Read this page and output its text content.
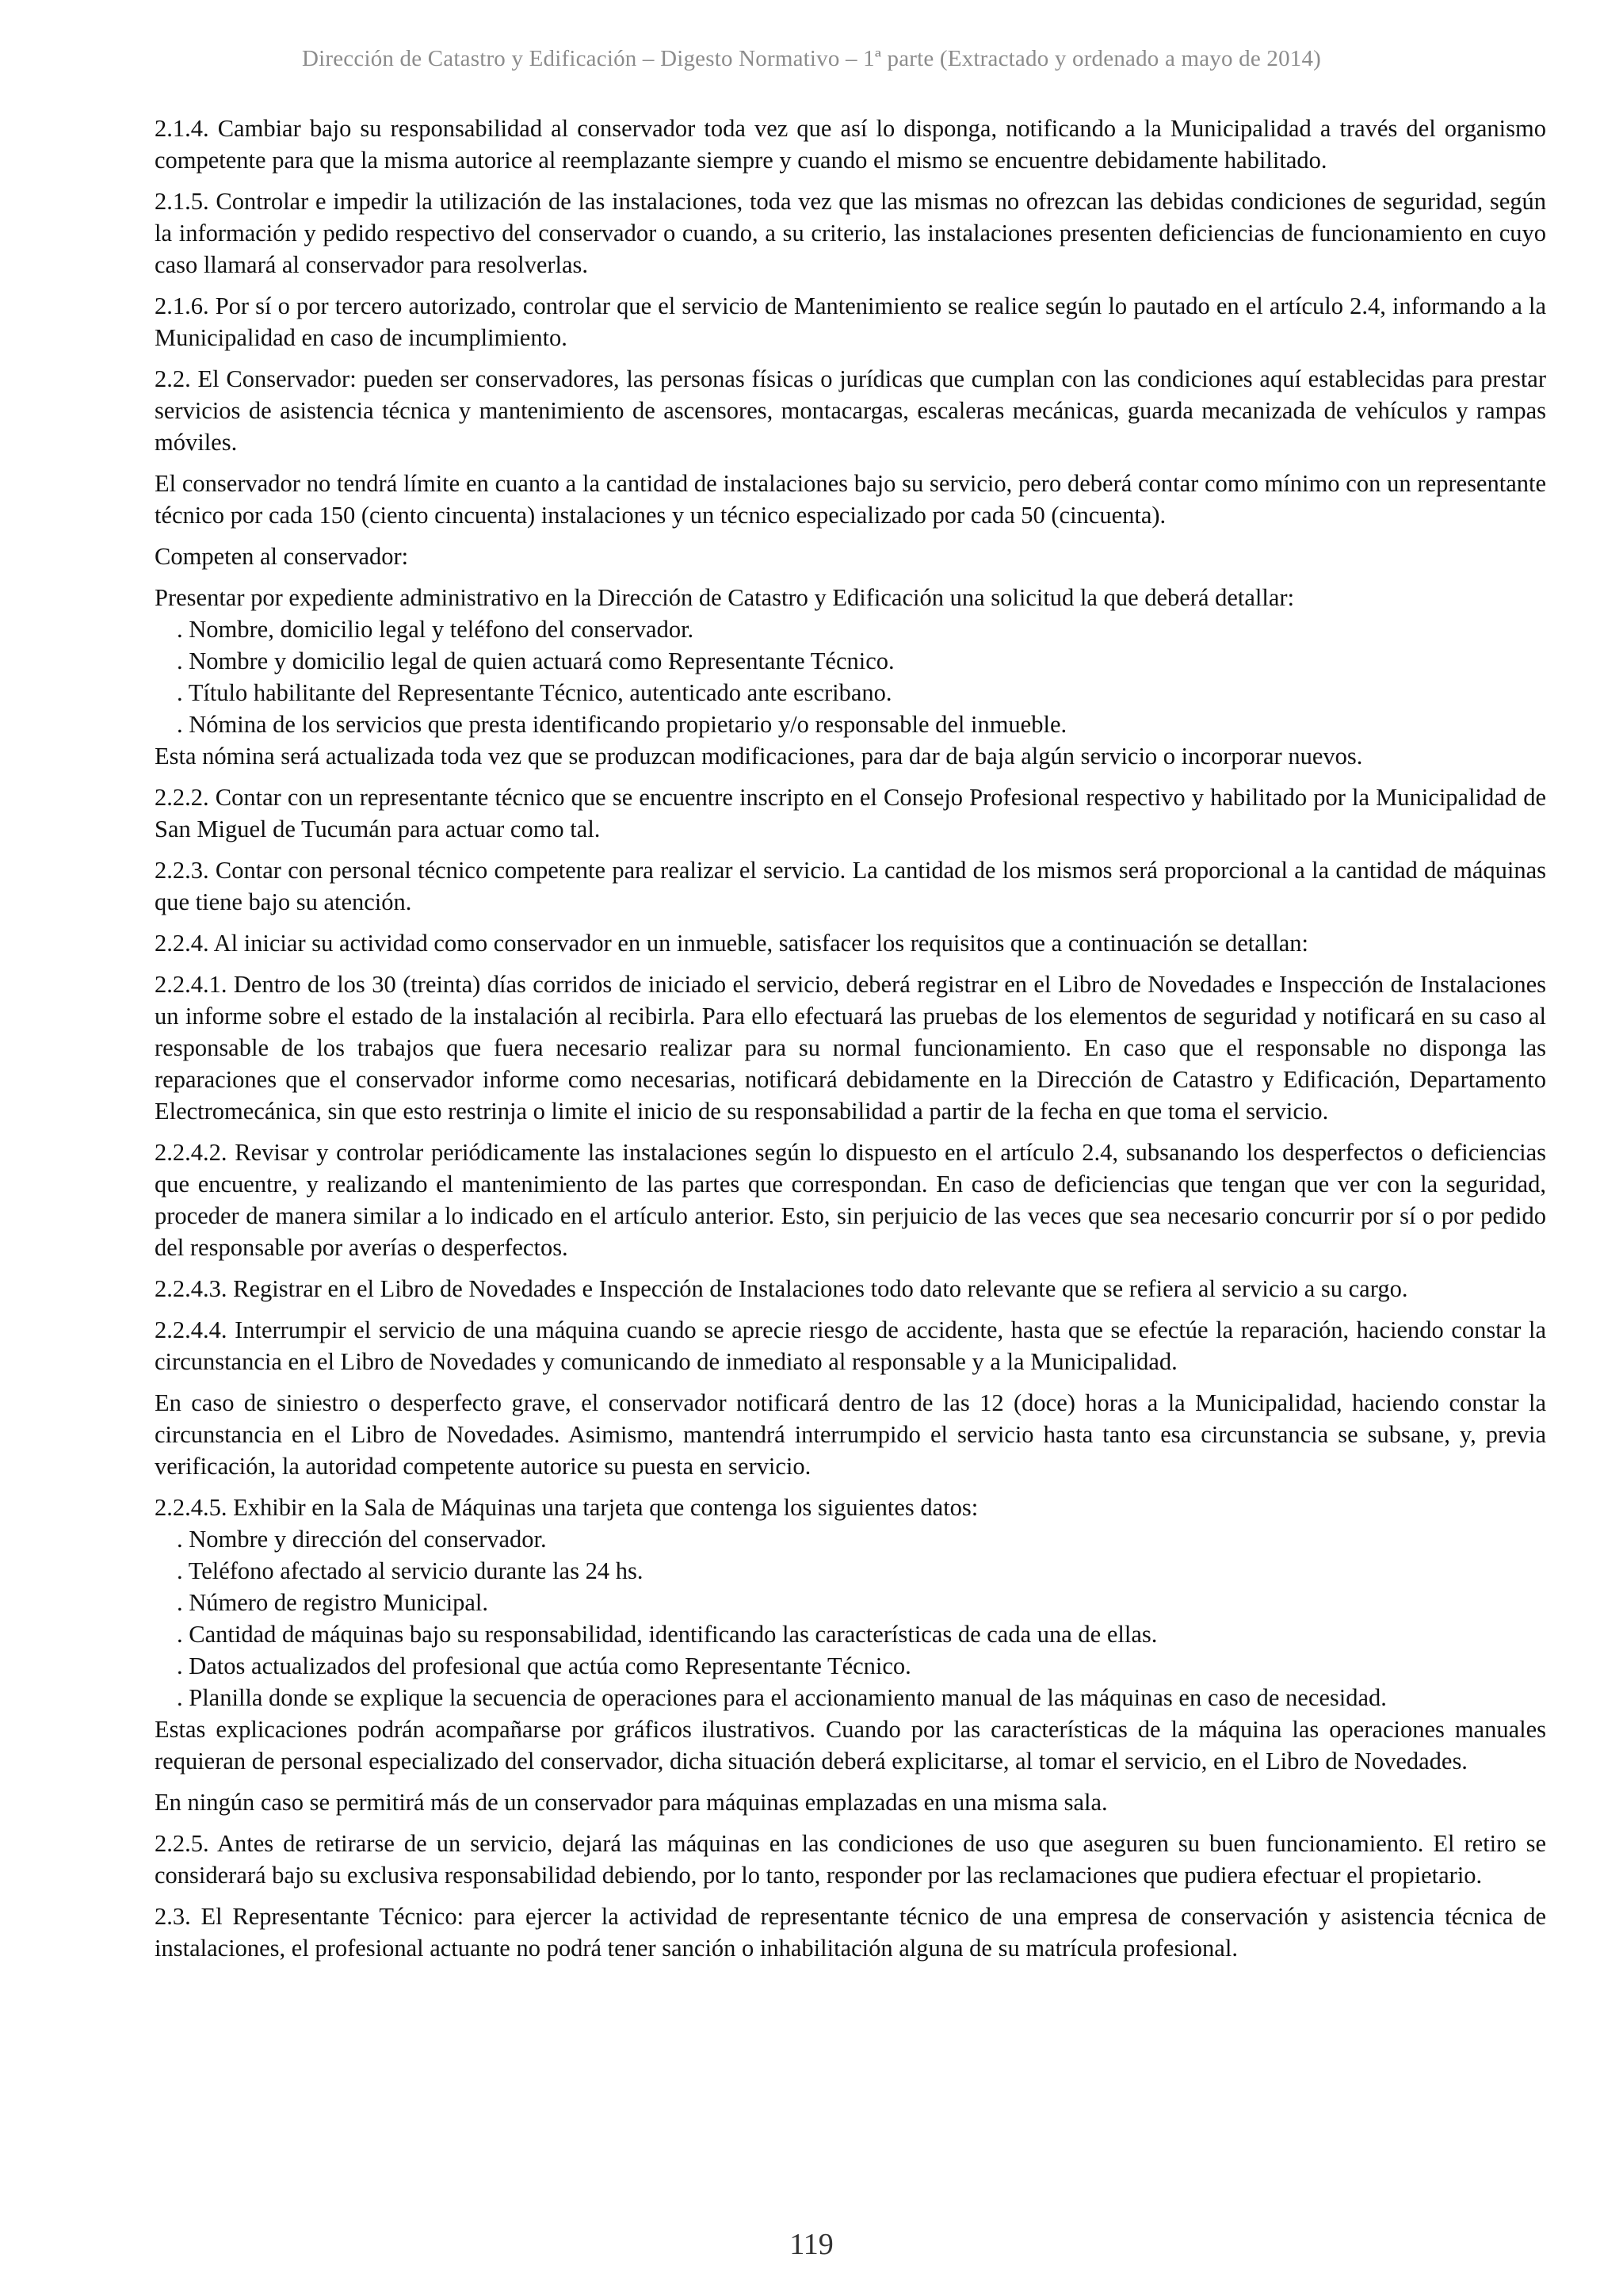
Dirección de Catastro y Edificación – Digesto Normativo – 1ª parte (Extractado y ordenado a mayo de 2014)

2.1.4. Cambiar bajo su responsabilidad al conservador toda vez que así lo disponga, notificando a la Municipalidad a través del organismo competente para que la misma autorice al reemplazante siempre y cuando el mismo se encuentre debidamente habilitado.

2.1.5. Controlar e impedir la utilización de las instalaciones, toda vez que las mismas no ofrezcan las debidas condiciones de seguridad, según la información y pedido respectivo del conservador o cuando, a su criterio, las instalaciones presenten deficiencias de funcionamiento en cuyo caso llamará al conservador para resolverlas.

2.1.6. Por sí o por tercero autorizado, controlar que el servicio de Mantenimiento se realice según lo pautado en el artículo 2.4, informando a la Municipalidad en caso de incumplimiento.

2.2. El Conservador: pueden ser conservadores, las personas físicas o jurídicas que cumplan con las condiciones aquí establecidas para prestar servicios de asistencia técnica y mantenimiento de ascensores, montacargas, escaleras mecánicas, guarda mecanizada de vehículos y rampas móviles.

El conservador no tendrá límite en cuanto a la cantidad de instalaciones bajo su servicio, pero deberá contar como mínimo con un representante técnico por cada 150 (ciento cincuenta) instalaciones y un técnico especializado por cada 50 (cincuenta).

Competen al conservador:

Presentar por expediente administrativo en la Dirección de Catastro y Edificación una solicitud la que deberá detallar:

. Nombre, domicilio legal y teléfono del conservador.
. Nombre y domicilio legal de quien actuará como Representante Técnico.
. Título habilitante del Representante Técnico, autenticado ante escribano.
. Nómina de los servicios que presta identificando propietario y/o responsable del inmueble.

Esta nómina será actualizada toda vez que se produzcan modificaciones, para dar de baja algún servicio o incorporar nuevos.

2.2.2. Contar con un representante técnico que se encuentre inscripto en el Consejo Profesional respectivo y habilitado por la Municipalidad de San Miguel de Tucumán para actuar como tal.

2.2.3. Contar con personal técnico competente para realizar el servicio. La cantidad de los mismos será proporcional a la cantidad de máquinas que tiene bajo su atención.

2.2.4. Al iniciar su actividad como conservador en un inmueble, satisfacer los requisitos que a continuación se detallan:

2.2.4.1. Dentro de los 30 (treinta) días corridos de iniciado el servicio, deberá registrar en el Libro de Novedades e Inspección de Instalaciones un informe sobre el estado de la instalación al recibirla. Para ello efectuará las pruebas de los elementos de seguridad y notificará en su caso al responsable de los trabajos que fuera necesario realizar para su normal funcionamiento. En caso que el responsable no disponga las reparaciones que el conservador informe como necesarias, notificará debidamente en la Dirección de Catastro y Edificación, Departamento Electromecánica, sin que esto restrinja o limite el inicio de su responsabilidad a partir de la fecha en que toma el servicio.

2.2.4.2. Revisar y controlar periódicamente las instalaciones según lo dispuesto en el artículo 2.4, subsanando los desperfectos o deficiencias que encuentre, y realizando el mantenimiento de las partes que correspondan. En caso de deficiencias que tengan que ver con la seguridad, proceder de manera similar a lo indicado en el artículo anterior. Esto, sin perjuicio de las veces que sea necesario concurrir por sí o por pedido del responsable por averías o desperfectos.

2.2.4.3. Registrar en el Libro de Novedades e Inspección de Instalaciones todo dato relevante que se refiera al servicio a su cargo.

2.2.4.4. Interrumpir el servicio de una máquina cuando se aprecie riesgo de accidente, hasta que se efectúe la reparación, haciendo constar la circunstancia en el Libro de Novedades y comunicando de inmediato al responsable y a la Municipalidad.

En caso de siniestro o desperfecto grave, el conservador notificará dentro de las 12 (doce) horas a la Municipalidad, haciendo constar la circunstancia en el Libro de Novedades. Asimismo, mantendrá interrumpido el servicio hasta tanto esa circunstancia se subsane, y, previa verificación, la autoridad competente autorice su puesta en servicio.

2.2.4.5. Exhibir en la Sala de Máquinas una tarjeta que contenga los siguientes datos:

. Nombre y dirección del conservador.
. Teléfono afectado al servicio durante las 24 hs.
. Número de registro Municipal.
. Cantidad de máquinas bajo su responsabilidad, identificando las características de cada una de ellas.
. Datos actualizados del profesional que actúa como Representante Técnico.
. Planilla donde se explique la secuencia de operaciones para el accionamiento manual de las máquinas en caso de necesidad.

Estas explicaciones podrán acompañarse por gráficos ilustrativos. Cuando por las características de la máquina las operaciones manuales requieran de personal especializado del conservador, dicha situación deberá explicitarse, al tomar el servicio, en el Libro de Novedades.

En ningún caso se permitirá más de un conservador para máquinas emplazadas en una misma sala.

2.2.5. Antes de retirarse de un servicio, dejará las máquinas en las condiciones de uso que aseguren su buen funcionamiento. El retiro se considerará bajo su exclusiva responsabilidad debiendo, por lo tanto, responder por las reclamaciones que pudiera efectuar el propietario.

2.3. El Representante Técnico: para ejercer la actividad de representante técnico de una empresa de conservación y asistencia técnica de instalaciones, el profesional actuante no podrá tener sanción o inhabilitación alguna de su matrícula profesional.

119
